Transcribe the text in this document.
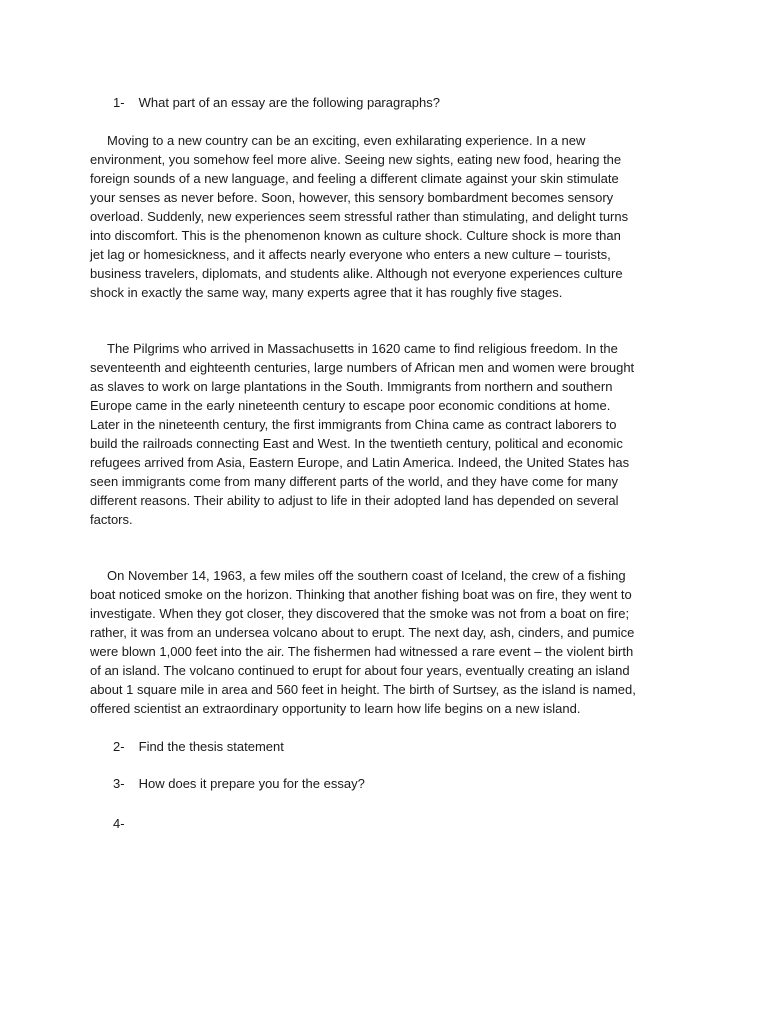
1- What part of an essay are the following paragraphs?
Moving to a new country can be an exciting, even exhilarating experience. In a new
environment, you somehow feel more alive. Seeing new sights, eating new food, hearing the
foreign sounds of a new language, and feeling a different climate against your skin stimulate
your senses as never before. Soon, however, this sensory bombardment becomes sensory
overload. Suddenly, new experiences seem stressful rather than stimulating, and delight turns
into discomfort. This is the phenomenon known as culture shock. Culture shock is more than
jet lag or homesickness, and it affects nearly everyone who enters a new culture – tourists,
business travelers, diplomats, and students alike. Although not everyone experiences culture
shock in exactly the same way, many experts agree that it has roughly five stages.
The Pilgrims who arrived in Massachusetts in 1620 came to find religious freedom. In the
seventeenth and eighteenth centuries, large numbers of African men and women were brought
as slaves to work on large plantations in the South. Immigrants from northern and southern
Europe came in the early nineteenth century to escape poor economic conditions at home.
Later in the nineteenth century, the first immigrants from China came as contract laborers to
build the railroads connecting East and West. In the twentieth century, political and economic
refugees arrived from Asia, Eastern Europe, and Latin America. Indeed, the United States has
seen immigrants come from many different parts of the world, and they have come for many
different reasons. Their ability to adjust to life in their adopted land has depended on several
factors.
On November 14, 1963, a few miles off the southern coast of Iceland, the crew of a fishing
boat noticed smoke on the horizon. Thinking that another fishing boat was on fire, they went to
investigate. When they got closer, they discovered that the smoke was not from a boat on fire;
rather, it was from an undersea volcano about to erupt. The next day, ash, cinders, and pumice
were blown 1,000 feet into the air. The fishermen had witnessed a rare event – the violent birth
of an island. The volcano continued to erupt for about four years, eventually creating an island
about 1 square mile in area and 560 feet in height. The birth of Surtsey, as the island is named,
offered scientist an extraordinary opportunity to learn how life begins on a new island.
2- Find the thesis statement
3- How does it prepare you for the essay?
4-
